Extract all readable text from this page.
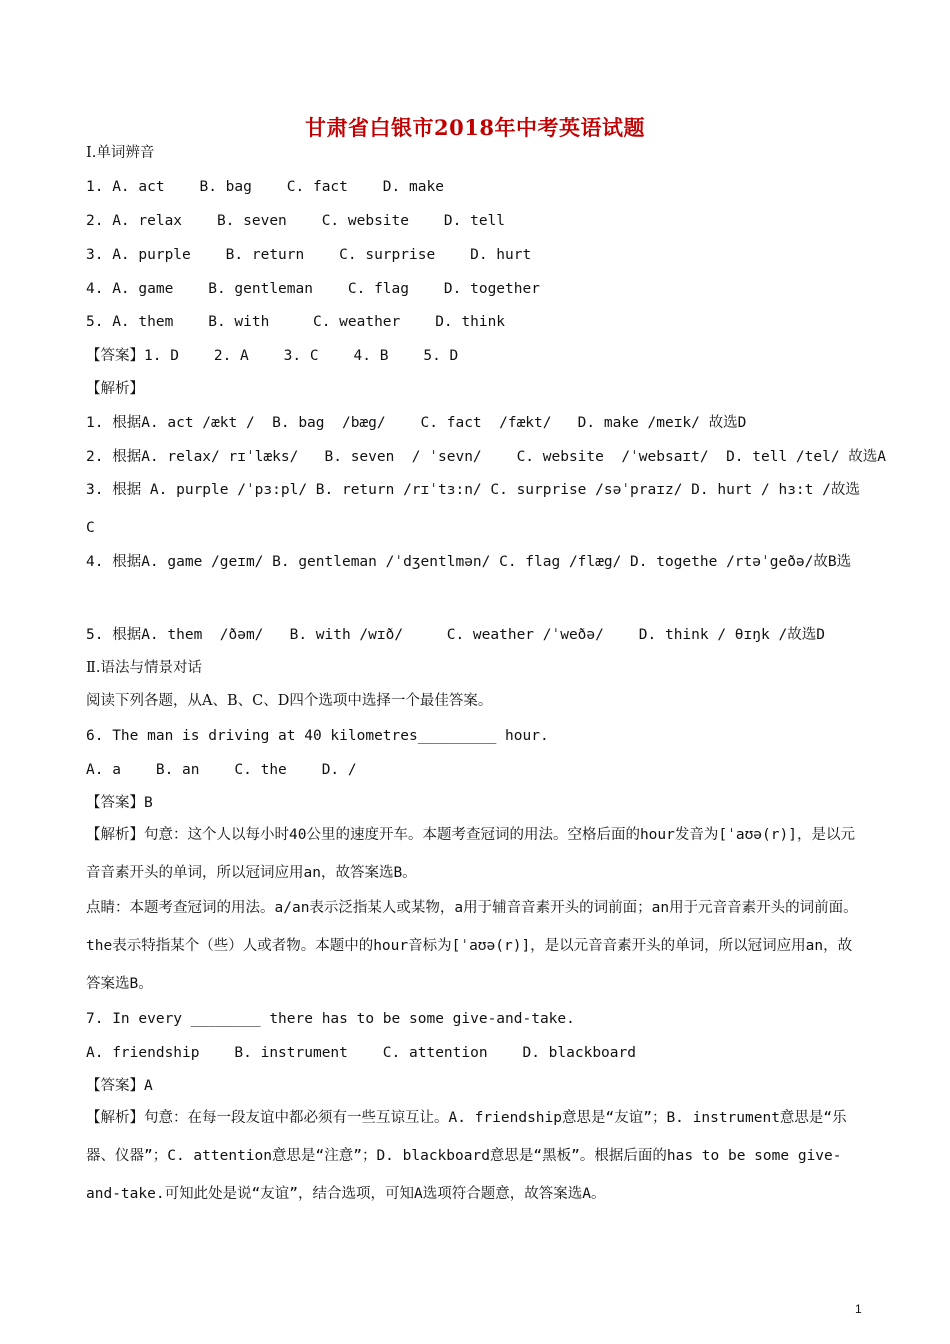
甘肃省白银市2018年中考英语试题
I.单词辨音
1. A. act    B. bag    C. fact    D. make
2. A. relax    B. seven    C. website    D. tell
3. A. purple    B. return    C. surprise    D. hurt
4. A. game    B. gentleman    C. flag    D. together
5. A. them    B. with     C. weather    D. think
【答案】1. D    2. A    3. C    4. B    5. D
【解析】
1. 根据A. act /ækt /  B. bag  /bæg/    C. fact  /fækt/   D. make /meɪk/ 故选D
2. 根据A. relax/ rɪˈlæks/   B. seven  / ˈsevn/    C. website  /ˈwebsaɪt/  D. tell /tel/ 故选A
3. 根据 A. purple /ˈpɜ:pl/ B. return /rɪˈtɜ:n/ C. surprise /səˈpraɪz/ D. hurt / hɜ:t /故选C
4. 根据A. game /geɪm/ B. gentleman /ˈdʒentlmən/ C. flag /flæg/ D. togethe /rtəˈgeðə/故B选
5. 根据A. them  /ðəm/   B. with /wɪð/     C. weather /ˈweðə/    D. think / θɪŋk /故选D
Ⅱ.语法与情景对话
阅读下列各题，从A、B、C、D四个选项中选择一个最佳答案。
6. The man is driving at 40 kilometres_________ hour.
A. a    B. an    C. the    D. /
【答案】B
【解析】句意：这个人以每小时40公里的速度开车。本题考查冠词的用法。空格后面的hour发音为[ˈaʊə(r)]，是以元音音素开头的单词，所以冠词应用an，故答案选B。
点睛：本题考查冠词的用法。a/an表示泛指某人或某物，a用于辅音音素开头的词前面；an用于元音音素开头的词前面。the表示特指某个（些）人或者物。本题中的hour音标为[ˈaʊə(r)]，是以元音音素开头的单词，所以冠词应用an，故答案选B。
7. In every ________ there has to be some give-and-take.
A. friendship    B. instrument    C. attention    D. blackboard
【答案】A
【解析】句意：在每一段友谊中都必须有一些互谅互让。A. friendship意思是“友谊”；B. instrument意思是“乐器、仪器”；C. attention意思是“注意”；D. blackboard意思是“黑板”。根据后面的has to be some give-and-take.可知此处是说“友谊”，结合选项，可知A选项符合题意，故答案选A。
1
